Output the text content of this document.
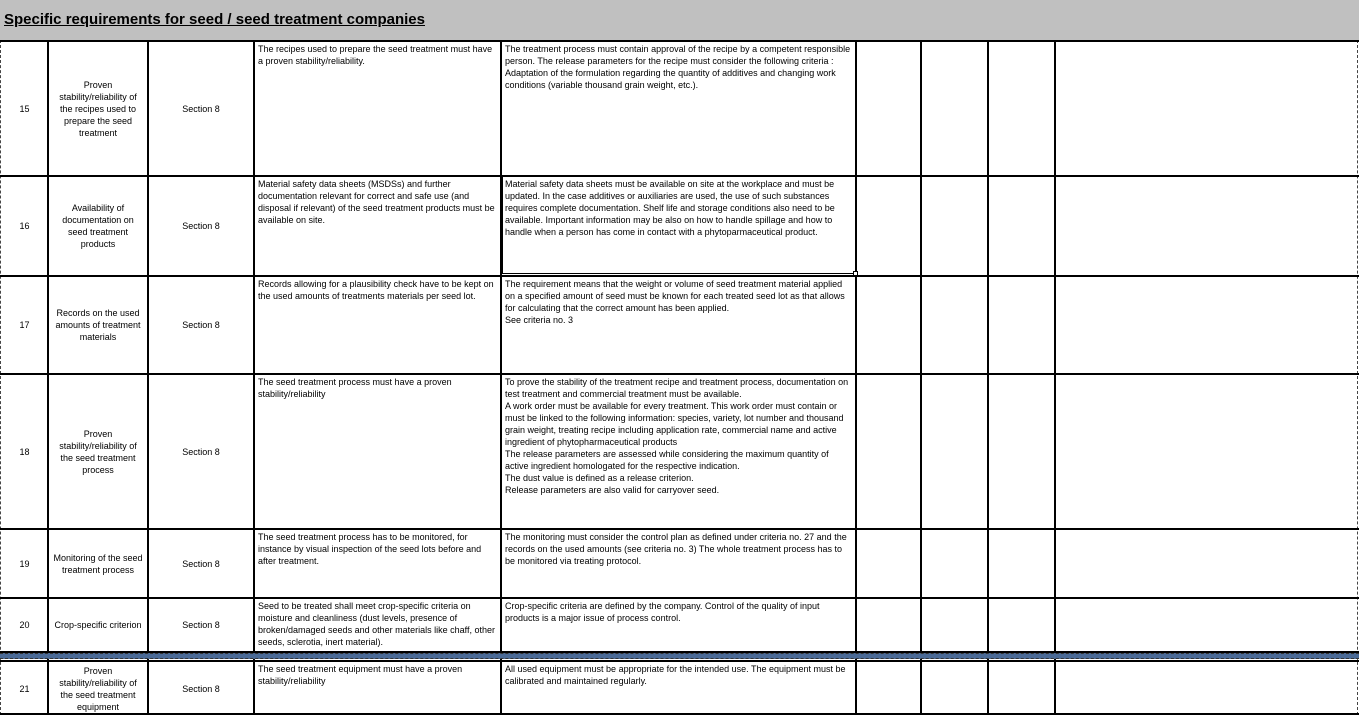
Specific requirements for seed / seed treatment companies
15
Proven stability/reliability of the recipes used to prepare the seed treatment
Section 8
The recipes used to prepare the seed treatment must have a proven stability/reliability.
The treatment process must contain approval of the recipe by a competent responsible person. The release parameters for the recipe must consider the following criteria :
Adaptation of the formulation regarding the quantity of additives and changing work conditions (variable thousand grain weight, etc.).
16
Availability of documentation on seed treatment products
Section 8
Material safety data sheets (MSDSs) and further documentation relevant for correct and safe use (and disposal if relevant) of the seed treatment products must be available on site.
Material safety data sheets must be available on site at the workplace and must be updated. In the case additives or auxiliaries are used, the use of such substances requires complete documentation. Shelf life and storage conditions also need to be available. Important information may be also on how to handle spillage and how to handle when a person has come in contact with a phytoparmaceutical product.
17
Records on the used amounts of treatment materials
Section 8
Records allowing for a plausibility check have to be kept on the used amounts of treatments materials per seed lot.
The requirement means that the weight or volume of seed treatment material applied on a specified amount of seed must be known for each treated seed lot as that allows for calculating that the correct amount has been applied.
See criteria no. 3
18
Proven stability/reliability of the seed treatment process
Section 8
The seed treatment process must have a proven stability/reliability
To prove the stability of the treatment recipe and treatment process, documentation on test treatment and commercial treatment must be available.
A work order must be available for every treatment. This work order must contain or must be linked to the following information: species, variety, lot number and thousand grain weight, treating recipe including application rate, commercial name and active ingredient of phytopharmaceutical products
The release parameters are assessed while considering the maximum quantity of active ingredient homologated for the respective indication.
The dust value is defined as a release criterion.
Release parameters are also valid for carryover seed.
19
Monitoring of the seed treatment process
Section 8
The seed treatment process has to be monitored, for instance by visual inspection of the seed lots before and after treatment.
The monitoring must consider the control plan as defined under criteria no. 27 and the records on the used amounts (see criteria no. 3) The whole treatment process has to be monitored via treating protocol.
20	Crop-specific criterion	Section 8
Seed to be treated shall meet crop-specific criteria on moisture and cleanliness (dust levels, presence of broken/damaged seeds and other materials like chaff, other seeds, sclerotia, inert material).
Crop-specific criteria are defined by the company. Control of the quality of input products is a major issue of process control.
21
Proven stability/reliability of the seed treatment equipment
Section 8
The seed treatment equipment must have a proven stability/reliability
All used equipment must be appropriate for the intended use. The equipment must be calibrated and maintained regularly.
